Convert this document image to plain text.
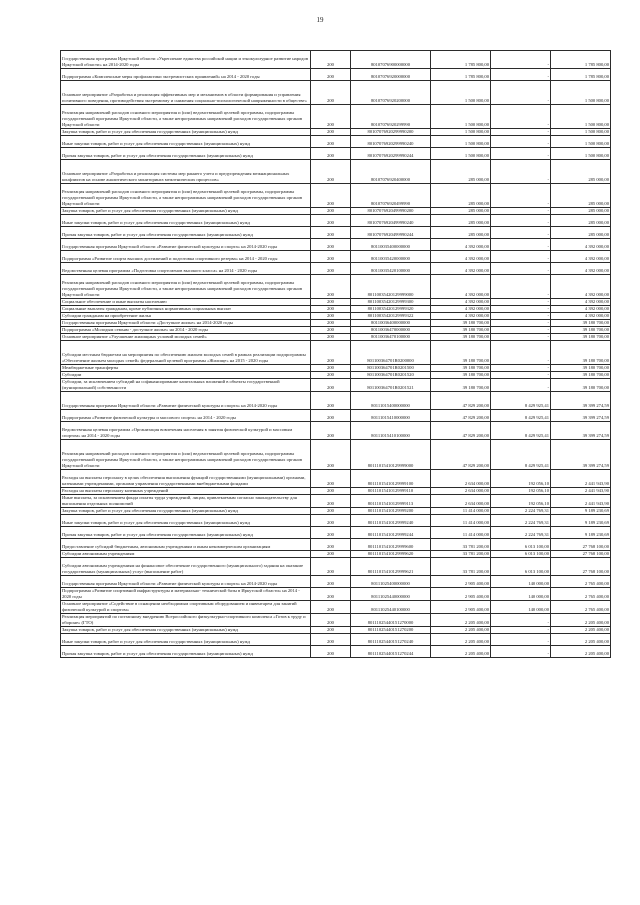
19
Государственная программа Иркутской области «Укрепление единства российской нации и этнокультурное развитие народов Иркутской области» на 2014-2020 годы	200	80107076900000000	1 785 800,00	-	1 785 800,00
Подпрограмма «Комплексные меры профилактики экстремистских проявлений» на 2014 - 2020 годы	200	80107076920000000	1 785 800,00	-	1 785 800,00
Основное мероприятие «Разработка и реализация эффективных мер и механизмов в области формирования и управления позитивного поведения, противодействия экстремизму и снижения социально-психологической напряженности в обществе»	200	80107076920200000	1 500 800,00	-	1 500 800,00
Реализация направлений расходов основного мероприятия и (или) ведомственной целевой программы, подпрограммы государственной программы Иркутской области, а также непрограммных направлений расходов государственных органов Иркутской области	200	80107076920299990	1 500 800,00	-	1 500 800,00
Закупка товаров, работ и услуг для обеспечения государственных (муниципальных) нужд	200	80107076920299990200	1 500 800,00	-	1 500 800,00
Иные закупки товаров, работ и услуг для обеспечения государственных (муниципальных) нужд	200	80107076920299990240	1 500 800,00	-	1 500 800,00
Прочая закупка товаров, работ и услуг для обеспечения государственных (муниципальных) нужд	200	80107076920299990244	1 500 800,00	-	1 500 800,00
Основное мероприятие «Разработка и реализация системы мер раннего учета и предупреждения межнациональных конфликтов на основе аналитического мониторинга межэтнических процессов»	200	80107076920400000	285 000,00	-	285 000,00
Реализация направлений расходов основного мероприятия и (или) ведомственной целевой программы, подпрограммы государственной программы Иркутской области, а также непрограммных направлений расходов государственных органов Иркутской области	200	80107076920499990	285 000,00	-	285 000,00
Закупка товаров, работ и услуг для обеспечения государственных (муниципальных) нужд	200	80107076920499990200	285 000,00	-	285 000,00
Иные закупки товаров, работ и услуг для обеспечения государственных (муниципальных) нужд	200	80107076920499990240	285 000,00	-	285 000,00
Прочая закупка товаров, работ и услуг для обеспечения государственных (муниципальных) нужд	200	80107076920499990244	285 000,00	-	285 000,00
Государственная программа Иркутской области «Развитие физической культуры и спорта» на 2014-2020 годы	200	80110035400000000	4 392 000,00	-	4 392 000,00
Подпрограмма «Развитие спорта высших достижений и подготовка спортивного резерва» на 2014 - 2020 годы	200	80110035420000000	4 392 000,00	-	4 392 000,00
Ведомственная целевая программа «Подготовка спортсменов высокого класса» на 2014 - 2020 годы	200	80110035420100000	4 392 000,00	-	4 392 000,00
Реализация направлений расходов основного мероприятия и (или) ведомственной целевой программы, подпрограммы государственной программы Иркутской области, а также непрограммных направлений расходов государственных органов Иркутской области	200	80110035420129999000	4 392 000,00	-	4 392 000,00
Социальное обеспечение и иные выплаты населению	200	80110035420129999300	4 392 000,00	-	4 392 000,00
Социальные выплаты гражданам, кроме публичных нормативных социальных выплат	200	80110035420129999320	4 392 000,00	-	4 392 000,00
Субсидии гражданам на приобретение жилья	200	80110035420129999322	4 392 000,00	-	4 392 000,00
Государственная программа Иркутской области «Доступное жилье» на 2014-2020 годы	200	80110036400000000	39 180 700,00	-	39 180 700,00
Подпрограмма «Молодым семьям - доступное жилье» на 2014 - 2020 годы	200	80110036470000000	39 180 700,00	-	39 180 700,00
Основное мероприятие «Улучшение жилищных условий молодых семей»	200	80110036470100000	39 180 700,00	-	39 180 700,00
Субсидии местным бюджетам на мероприятия по обеспечению жильем молодых семей в рамках реализации подпрограммы «Обеспечение жильем молодых семей» федеральной целевой программы «Жилище» на 2015 - 2020 годы	200	801100364701R0200000	39 180 700,00	-	39 180 700,00
Межбюджетные трансферты	200	801100364701R0201500	39 180 700,00	-	39 180 700,00
Субсидии	200	801100364701R0201520	39 180 700,00	-	39 180 700,00
Субсидии, за исключением субсидий на софинансирование капитальных вложений в объекты государственной (муниципальной) собственности	200	801100364701R0201521	39 180 700,00	-	39 180 700,00
Государственная программа Иркутской области «Развитие физической культуры и спорта» на 2014-2020 годы	200	80111015400000000	47 829 200,00	8 429 925,41	39 399 274,59
Подпрограмма «Развитие физической культуры и массового спорта» на 2014 - 2020 годы	200	80111015410000000	47 829 200,00	8 429 925,41	39 399 274,59
Ведомственная целевая программа «Организация вовлечения населения в занятия физической культурой и массовым спортом» на 2014 - 2020 годы	200	80111015410100000	47 829 200,00	8 429 925,41	39 399 274,59
Реализация направлений расходов основного мероприятия и (или) ведомственной целевой программы, подпрограммы государственной программы Иркутской области, а также непрограммных направлений расходов государственных органов Иркутской области	200	80111015410129999000	47 829 200,00	8 429 925,41	39 399 274,59
Расходы на выплаты персоналу в целях обеспечения выполнения функций государственными (муниципальными) органами, казенными учреждениями, органами управления государственными внебюджетными фондами	200	80111015410129999100	2 634 000,00	192 056,10	2 441 943,90
Расходы на выплаты персоналу казенных учреждений	200	80111015410129999110	2 634 000,00	192 056,10	2 441 943,90
Иные выплаты, за исключением фонда оплаты труда учреждений, лицам, привлекаемым согласно законодательству для выполнения отдельных полномочий	200	80111015410129999113	2 634 000,00	192 056,10	2 441 943,90
Закупка товаров, работ и услуг для обеспечения государственных (муниципальных) нужд	200	80111015410129999200	11 414 000,00	2 224 769,31	9 189 230,69
Иные закупки товаров, работ и услуг для обеспечения государственных (муниципальных) нужд	200	80111015410129999240	11 414 000,00	2 224 769,31	9 189 230,69
Прочая закупка товаров, работ и услуг для обеспечения государственных (муниципальных) нужд	200	80111015410129999244	11 414 000,00	2 224 769,31	9 189 230,69
Предоставление субсидий бюджетным, автономным учреждениям и иным некоммерческим организациям	200	80111015410129999600	33 781 200,00	6 013 100,00	27 768 100,00
Субсидии автономным учреждениям	200	80111015410129999620	33 781 200,00	6 013 100,00	27 768 100,00
Субсидии автономным учреждениям на финансовое обеспечение государственного (муниципального) задания на оказание государственных (муниципальных) услуг (выполнение работ)	200	80111015410129999621	33 781 200,00	6 013 100,00	27 768 100,00
Государственная программа Иркутской области «Развитие физической культуры и спорта» на 2014-2020 годы	200	80111025400000000	2 905 400,00	140 000,00	2 765 400,00
Подпрограмма «Развитие спортивной инфраструктуры и материально- технической базы в Иркутской области» на 2014 - 2020 годы	200	80111025440000000	2 905 400,00	140 000,00	2 765 400,00
Основное мероприятие «Содействие в оснащении необходимым спортивным оборудованием и инвентарем для занятий физической культурой и спортом»	200	80111025440100000	2 905 400,00	140 000,00	2 765 400,00
Реализация мероприятий по поэтапному внедрению Всероссийского физкультурно-спортивного комплекса «Готов к труду и обороне» (ГТО)	200	80111025440151270000	2 205 400,00	-	2 205 400,00
Закупка товаров, работ и услуг для обеспечения государственных (муниципальных) нужд	200	80111025440151270200	2 205 400,00	-	2 205 400,00
Иные закупки товаров, работ и услуг для обеспечения государственных (муниципальных) нужд	200	80111025440151270240	2 205 400,00	-	2 205 400,00
Прочая закупка товаров, работ и услуг для обеспечения государственных (муниципальных) нужд	200	80111025440151270244	2 205 400,00	-	2 205 400,00
